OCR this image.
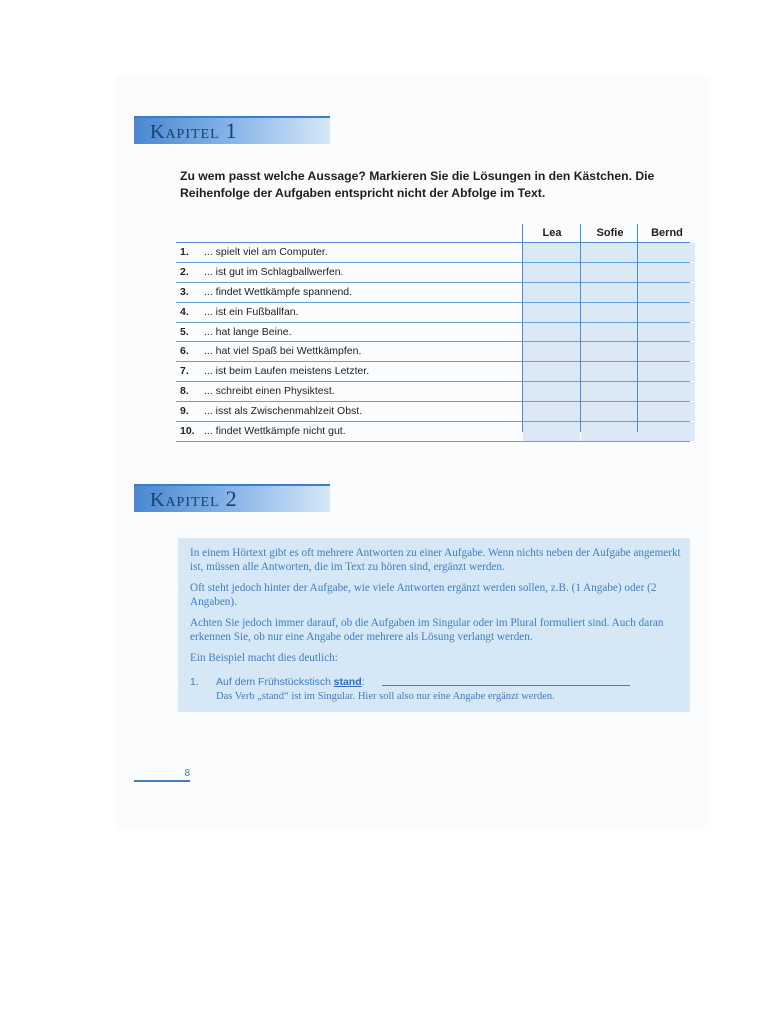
Kapitel 1
Zu wem passt welche Aussage? Markieren Sie die Lösungen in den Kästchen. Die Reihenfolge der Aufgaben entspricht nicht der Abfolge im Text.
Lea	Sofie	Bernd
1.	... spielt viel am Computer.
2.	... ist gut im Schlagballwerfen.
3.	... findet Wettkämpfe spannend.
4.	... ist ein Fußballfan.
5.	... hat lange Beine.
6.	... hat viel Spaß bei Wettkämpfen.
7.	... ist beim Laufen meistens Letzter.
8.	... schreibt einen Physiktest.
9.	... isst als Zwischenmahlzeit Obst.
10. ... findet Wettkämpfe nicht gut.
Kapitel 2

In einem Hörtext gibt es oft mehrere Antworten zu einer Aufgabe. Wenn nichts neben der Aufgabe angemerkt ist, müssen alle Antworten, die im Text zu hören sind, ergänzt werden.

Oft steht jedoch hinter der Aufgabe, wie viele Antworten ergänzt werden sollen, z.B. (1 Angabe) oder (2 Angaben).

Achten Sie jedoch immer darauf, ob die Aufgaben im Singular oder im Plural formuliert sind. Auch daran erkennen Sie, ob nur eine Angabe oder mehrere als Lösung verlangt werden.

Ein Beispiel macht dies deutlich:

1. Auf dem Frühstückstisch stand:
Das Verb „stand“ ist im Singular. Hier soll also nur eine Angabe ergänzt werden.
8
